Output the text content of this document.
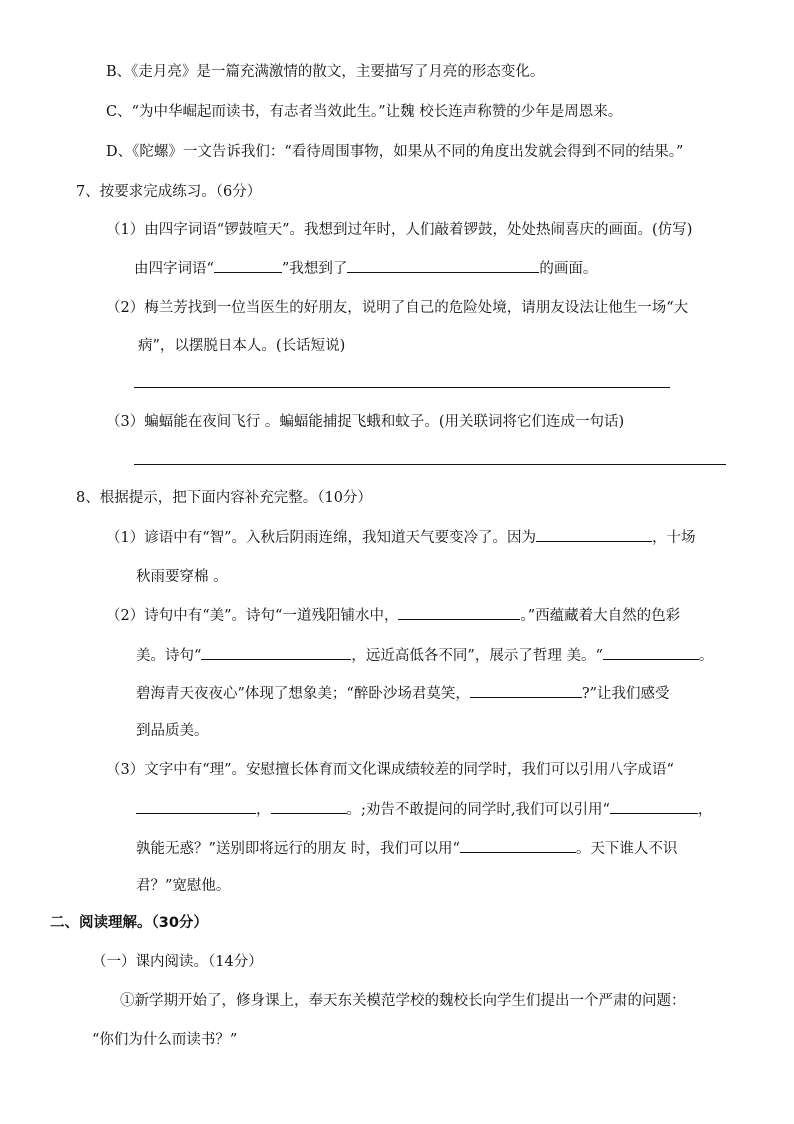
B、《走月亮》是一篇充满激情的散文，主要描写了月亮的形态变化。
C、“为中华崛起而读书，有志者当效此生。”让魏 校长连声称赞的少年是周恩来。
D、《陀螺》一文告诉我们：“看待周围事物，如果从不同的角度出发就会得到不同的结果。”
7、按要求完成练习。（6分）
（1）由四字词语“锣鼓喧天”。我想到过年时，人们敲着锣鼓，处处热闹喜庆的画面。(仿写)
由四字词语“	”我想到了	的画面。
（2）梅兰芳找到一位当医生的好朋友，说明了自己的危险处境，请朋友设法让他生一场“大
病”，以摆脱日本人。(长话短说)
（3）蝙蝠能在夜间飞行 。蝙蝠能捕捉飞蛾和蚊子。(用关联词将它们连成一句话)
8、根据提示，把下面内容补充完整。（10分）
（1）谚语中有“智”。入秋后阴雨连绵，我知道天气要变冷了。因为	，十场
秋雨要穿棉 。
（2）诗句中有“美”。诗句“一道残阳铺水中，	。”西蕴藏着大自然的色彩
美。诗句“	，远近高低各不同”，展示了哲理 美。“	。
碧海青天夜夜心”体现了想象美；“醉卧沙场君莫笑，	?”让我们感受
到品质美。
（3）文字中有“理”。安慰擅长体育而文化课成绩较差的同学时，我们可以引用八字成语“
，	。;劝告不敢提问的同学时,我们可以引用“	，
孰能无惑？”送别即将远行的朋友 时，我们可以用“	。天下谁人不识
君？”宽慰他。
二、阅读理解。（30分）
（一）课内阅读。（14分）
①新学期开始了，修身课上，奉天东关模范学校的魏校长向学生们提出一个严肃的问题：
“你们为什么而读书？”
